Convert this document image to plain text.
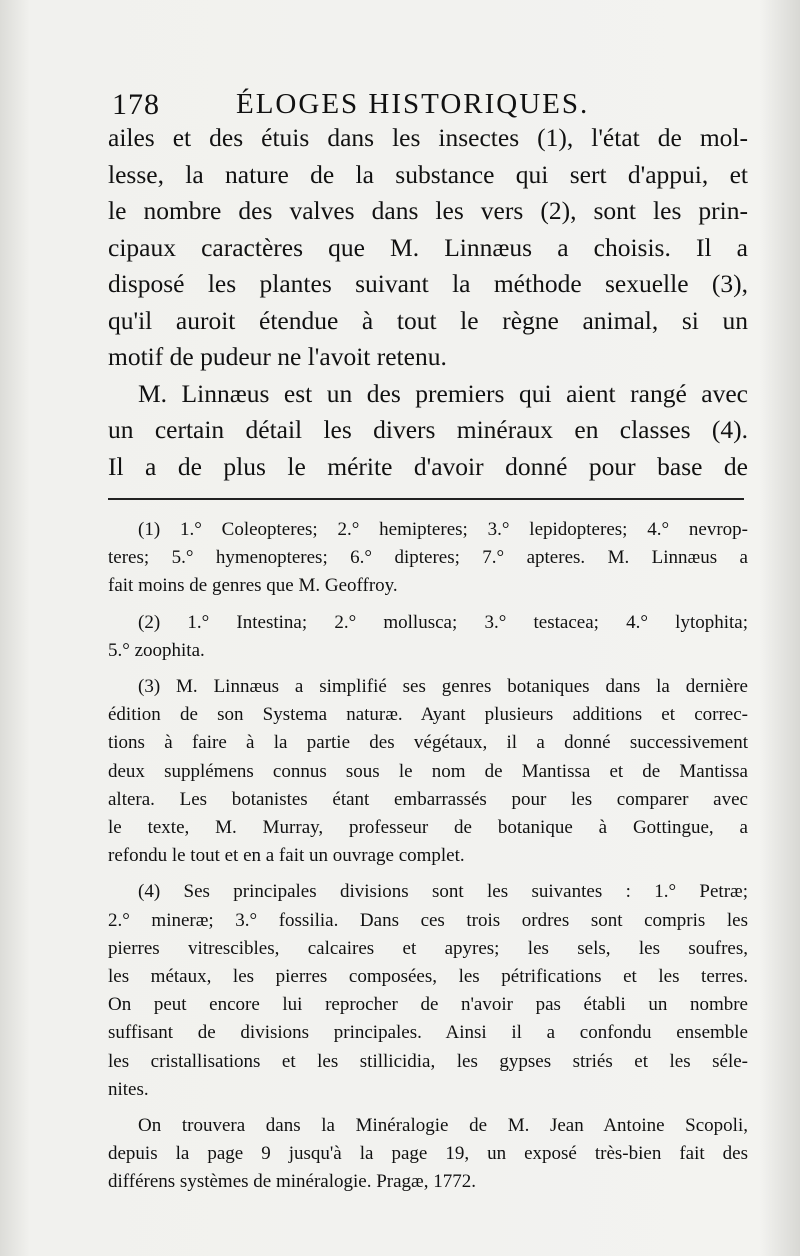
178	ÉLOGES HISTORIQUES.
ailes et des étuis dans les insectes (1), l'état de mol-
lesse, la nature de la substance qui sert d'appui, et
le nombre des valves dans les vers (2), sont les prin-
cipaux caractères que M. Linnæus a choisis. Il a
disposé les plantes suivant la méthode sexuelle (3),
qu'il auroit étendue à tout le règne animal, si un
motif de pudeur ne l'avoit retenu.
M. Linnæus est un des premiers qui aient rangé avec
un certain détail les divers minéraux en classes (4).
Il a de plus le mérite d'avoir donné pour base de
(1) 1.° Coleopteres; 2.° hemipteres; 3.° lepidopteres; 4.° nevrop-
teres; 5.° hymenopteres; 6.° dipteres; 7.° apteres. M. Linnæus a
fait moins de genres que M. Geoffroy.
(2) 1.° Intestina; 2.° mollusca; 3.° testacea; 4.° lytophita;
5.° zoophita.
(3) M. Linnæus a simplifié ses genres botaniques dans la dernière
édition de son Systema naturæ. Ayant plusieurs additions et correc-
tions à faire à la partie des végétaux, il a donné successivement
deux supplémens connus sous le nom de Mantissa et de Mantissa
altera. Les botanistes étant embarrassés pour les comparer avec
le texte, M. Murray, professeur de botanique à Gottingue, a
refondu le tout et en a fait un ouvrage complet.
(4) Ses principales divisions sont les suivantes : 1.° Petræ;
2.° mineræ; 3.° fossilia. Dans ces trois ordres sont compris les
pierres vitrescibles, calcaires et apyres; les sels, les soufres,
les métaux, les pierres composées, les pétrifications et les terres.
On peut encore lui reprocher de n'avoir pas établi un nombre
suffisant de divisions principales. Ainsi il a confondu ensemble
les cristallisations et les stillicidia, les gypses striés et les séle-
nites.
On trouvera dans la Minéralogie de M. Jean Antoine Scopoli,
depuis la page 9 jusqu'à la page 19, un exposé très-bien fait des
différens systèmes de minéralogie. Pragæ, 1772.
